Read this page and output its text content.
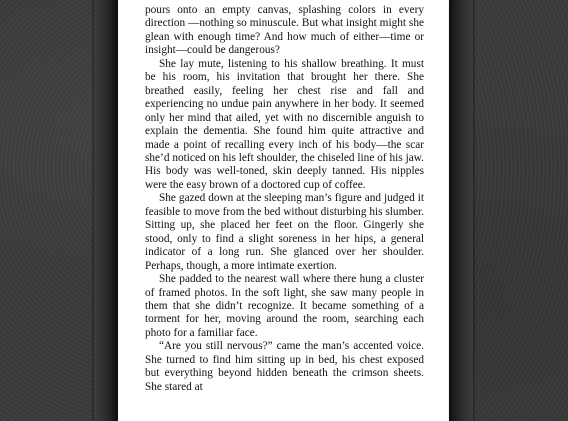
pours onto an empty canvas, splashing colors in every direction —nothing so minuscule. But what insight might she glean with enough time? And how much of either—time or insight—could be dangerous?

She lay mute, listening to his shallow breathing. It must be his room, his invitation that brought her there. She breathed easily, feeling her chest rise and fall and experiencing no undue pain anywhere in her body. It seemed only her mind that ailed, yet with no discernible anguish to explain the dementia. She found him quite attractive and made a point of recalling every inch of his body—the scar she’d noticed on his left shoulder, the chiseled line of his jaw. His body was well-toned, skin deeply tanned. His nipples were the easy brown of a doctored cup of coffee.

She gazed down at the sleeping man’s figure and judged it feasible to move from the bed without disturbing his slumber. Sitting up, she placed her feet on the floor. Gingerly she stood, only to find a slight soreness in her hips, a general indicator of a long run. She glanced over her shoulder. Perhaps, though, a more intimate exertion.

She padded to the nearest wall where there hung a cluster of framed photos. In the soft light, she saw many people in them that she didn’t recognize. It became something of a torment for her, moving around the room, searching each photo for a familiar face.

“Are you still nervous?” came the man’s accented voice. She turned to find him sitting up in bed, his chest exposed but everything beyond hidden beneath the crimson sheets. She stared at
